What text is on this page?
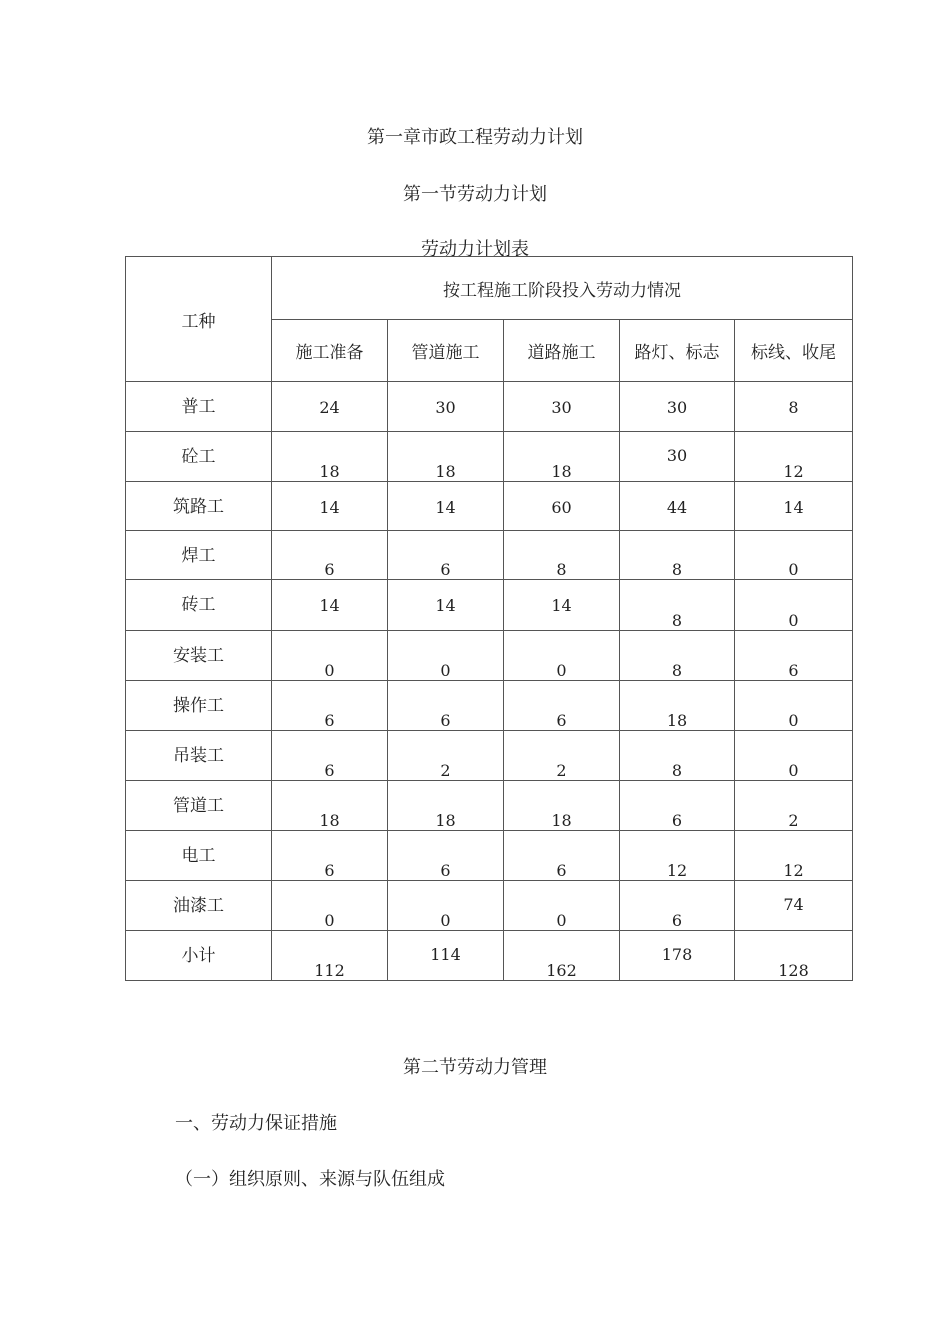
第一章市政工程劳动力计划
第一节劳动力计划
劳动力计划表
工种	按工程施工阶段投入劳动力情况				
	施工准备	管道施工	道路施工	路灯、标志	标线、收尾
普工	24	30	30	30	8

砼工	18	18	18	30	12

筑路工	14	14	60	44	14

焊工	6	6	8	8	0

砖工	14	14	14	8	0

安装工	0	0	0	8	6

操作工	6	6	6	18	0

吊装工	6	2	2	8	0

管道工	18	18	18	6	2

电工	6	6	6	12	12

油漆工	0	0	0	6	74

小计	112	114	162	178	128
第二节劳动力管理
一、劳动力保证措施
（一）组织原则、来源与队伍组成
